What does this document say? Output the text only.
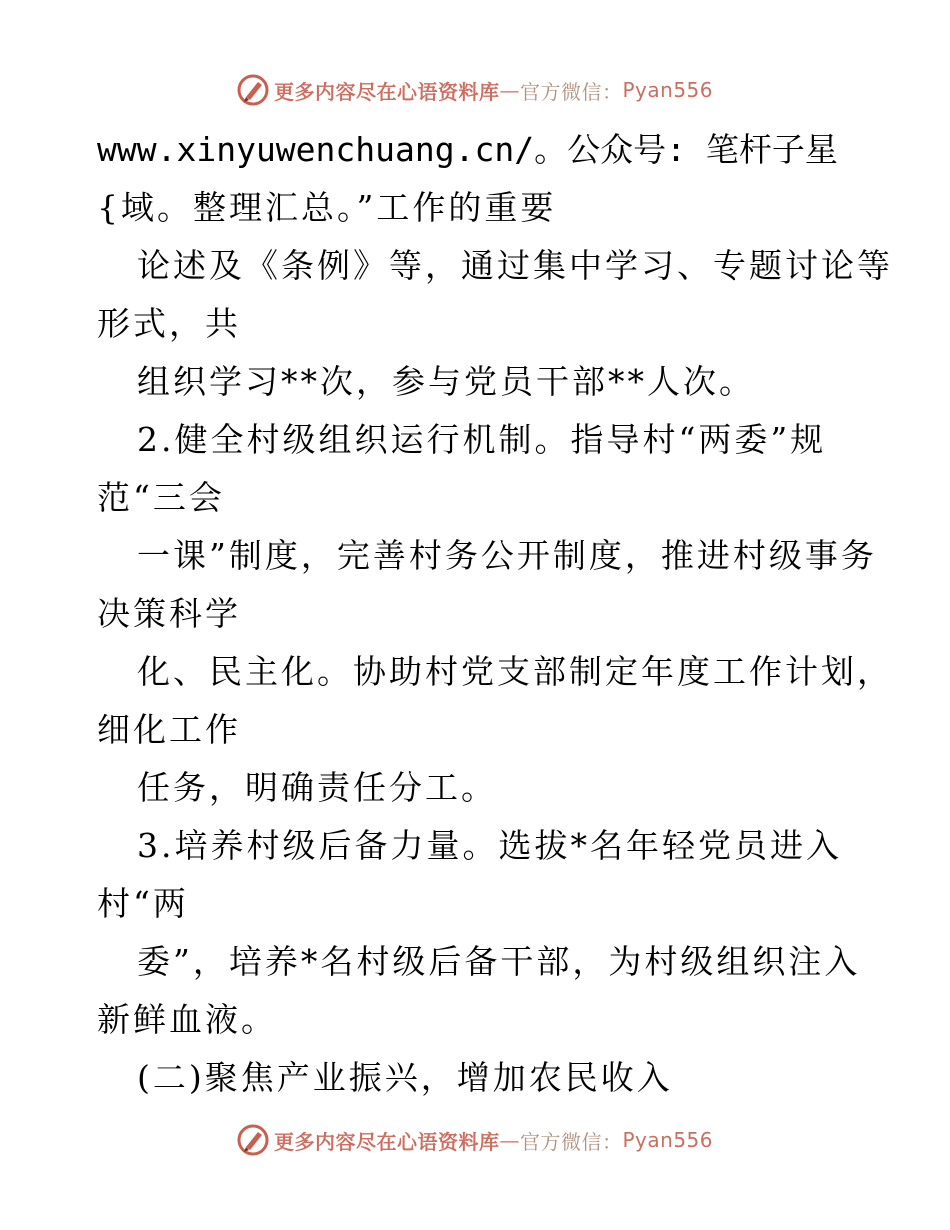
更多内容尽在心语资料库 — 官方微信： Pyan556
www.xinyuwenchuang.cn/。公众号: 笔杆子星
{域。整理汇总。”工作的重要
论述及《条例》等，通过集中学习、专题讨论等
形式，共
组织学习**次，参与党员干部**人次。
2.健全村级组织运行机制。指导村“两委”规
范“三会
一课”制度，完善村务公开制度，推进村级事务
决策科学
化、民主化。协助村党支部制定年度工作计划，
细化工作
任务，明确责任分工。
3.培养村级后备力量。选拔*名年轻党员进入
村“两
委”，培养*名村级后备干部，为村级组织注入
新鲜血液。
(二)聚焦产业振兴，增加农民收入
更多内容尽在心语资料库 — 官方微信： Pyan556
